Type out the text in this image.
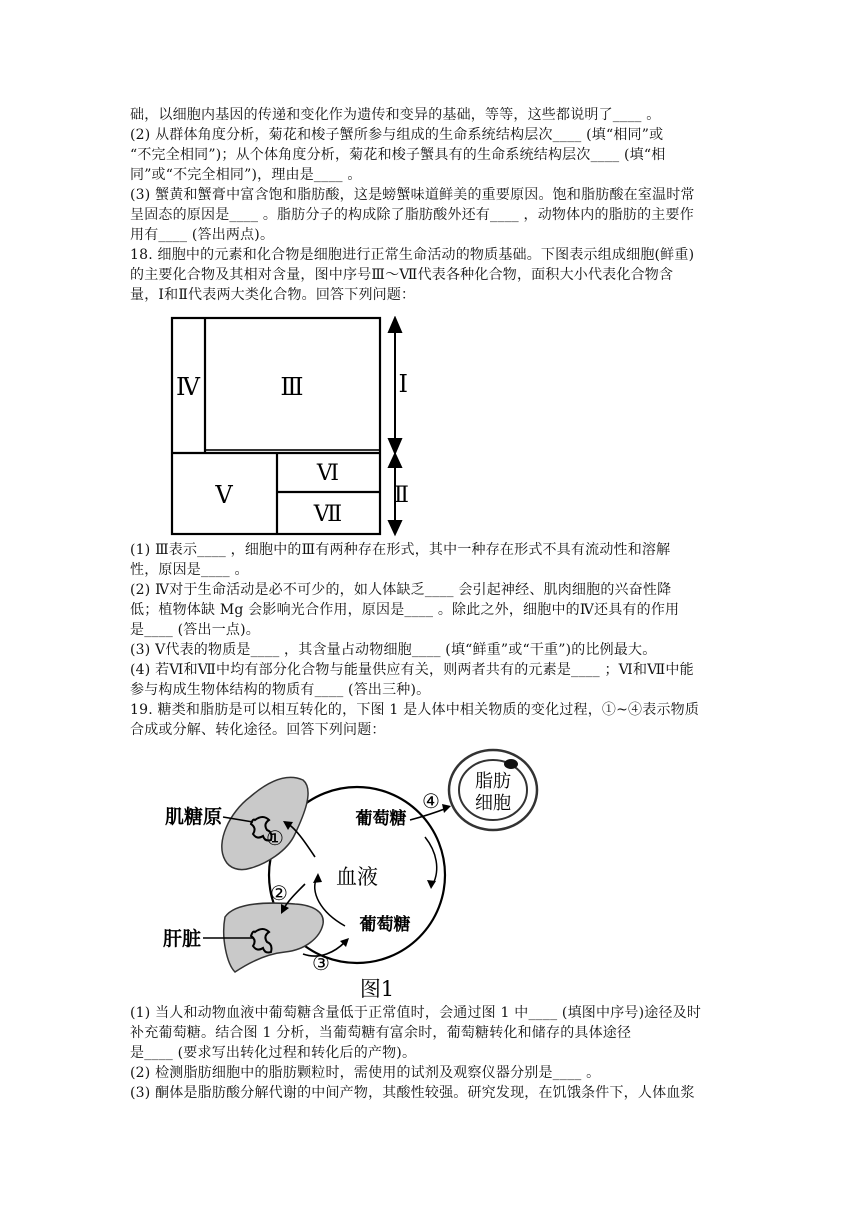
础，以细胞内基因的传递和变化作为遗传和变异的基础，等等，这些都说明了____ 。
(2) 从群体角度分析，菊花和梭子蟹所参与组成的生命系统结构层次____ (填“相同”或
“不完全相同”)；从个体角度分析，菊花和梭子蟹具有的生命系统结构层次____ (填“相
同”或“不完全相同”)，理由是____ 。
(3) 蟹黄和蟹膏中富含饱和脂肪酸，这是螃蟹味道鲜美的重要原因。饱和脂肪酸在室温时常
呈固态的原因是____ 。脂肪分子的构成除了脂肪酸外还有____ ，动物体内的脂肪的主要作
用有____ (答出两点)。
18. 细胞中的元素和化合物是细胞进行正常生命活动的物质基础。下图表示组成细胞(鲜重)
的主要化合物及其相对含量，图中序号Ⅲ～Ⅶ代表各种化合物，面积大小代表化合物含
量，Ⅰ和Ⅱ代表两大类化合物。回答下列问题：
Ⅳ	Ⅲ
Ⅴ
Ⅵ
Ⅶ
Ⅰ
Ⅱ
(1) Ⅲ表示____ ，细胞中的Ⅲ有两种存在形式，其中一种存在形式不具有流动性和溶解
性，原因是____ 。
(2) Ⅳ对于生命活动是必不可少的，如人体缺乏____ 会引起神经、肌肉细胞的兴奋性降
低；植物体缺 Mg 会影响光合作用，原因是____ 。除此之外，细胞中的Ⅳ还具有的作用
是____ (答出一点)。
(3) Ⅴ代表的物质是____ ，其含量占动物细胞____ (填“鲜重”或“干重”)的比例最大。
(4) 若Ⅵ和Ⅶ中均有部分化合物与能量供应有关，则两者共有的元素是____ ；Ⅵ和Ⅶ中能
参与构成生物体结构的物质有____ (答出三种)。
19. 糖类和脂肪是可以相互转化的，下图 1 是人体中相关物质的变化过程，①~④表示物质
合成或分解、转化途径。回答下列问题：
肌糖原
①
肝脏
②
③
脂肪
细胞
④
葡萄糖
血液
葡萄糖
图1
(1) 当人和动物血液中葡萄糖含量低于正常值时，会通过图 1 中____ (填图中序号)途径及时
补充葡萄糖。结合图 1 分析，当葡萄糖有富余时，葡萄糖转化和储存的具体途径
是____ (要求写出转化过程和转化后的产物)。
(2) 检测脂肪细胞中的脂肪颗粒时，需使用的试剂及观察仪器分别是____ 。
(3) 酮体是脂肪酸分解代谢的中间产物，其酸性较强。研究发现，在饥饿条件下，人体血浆
